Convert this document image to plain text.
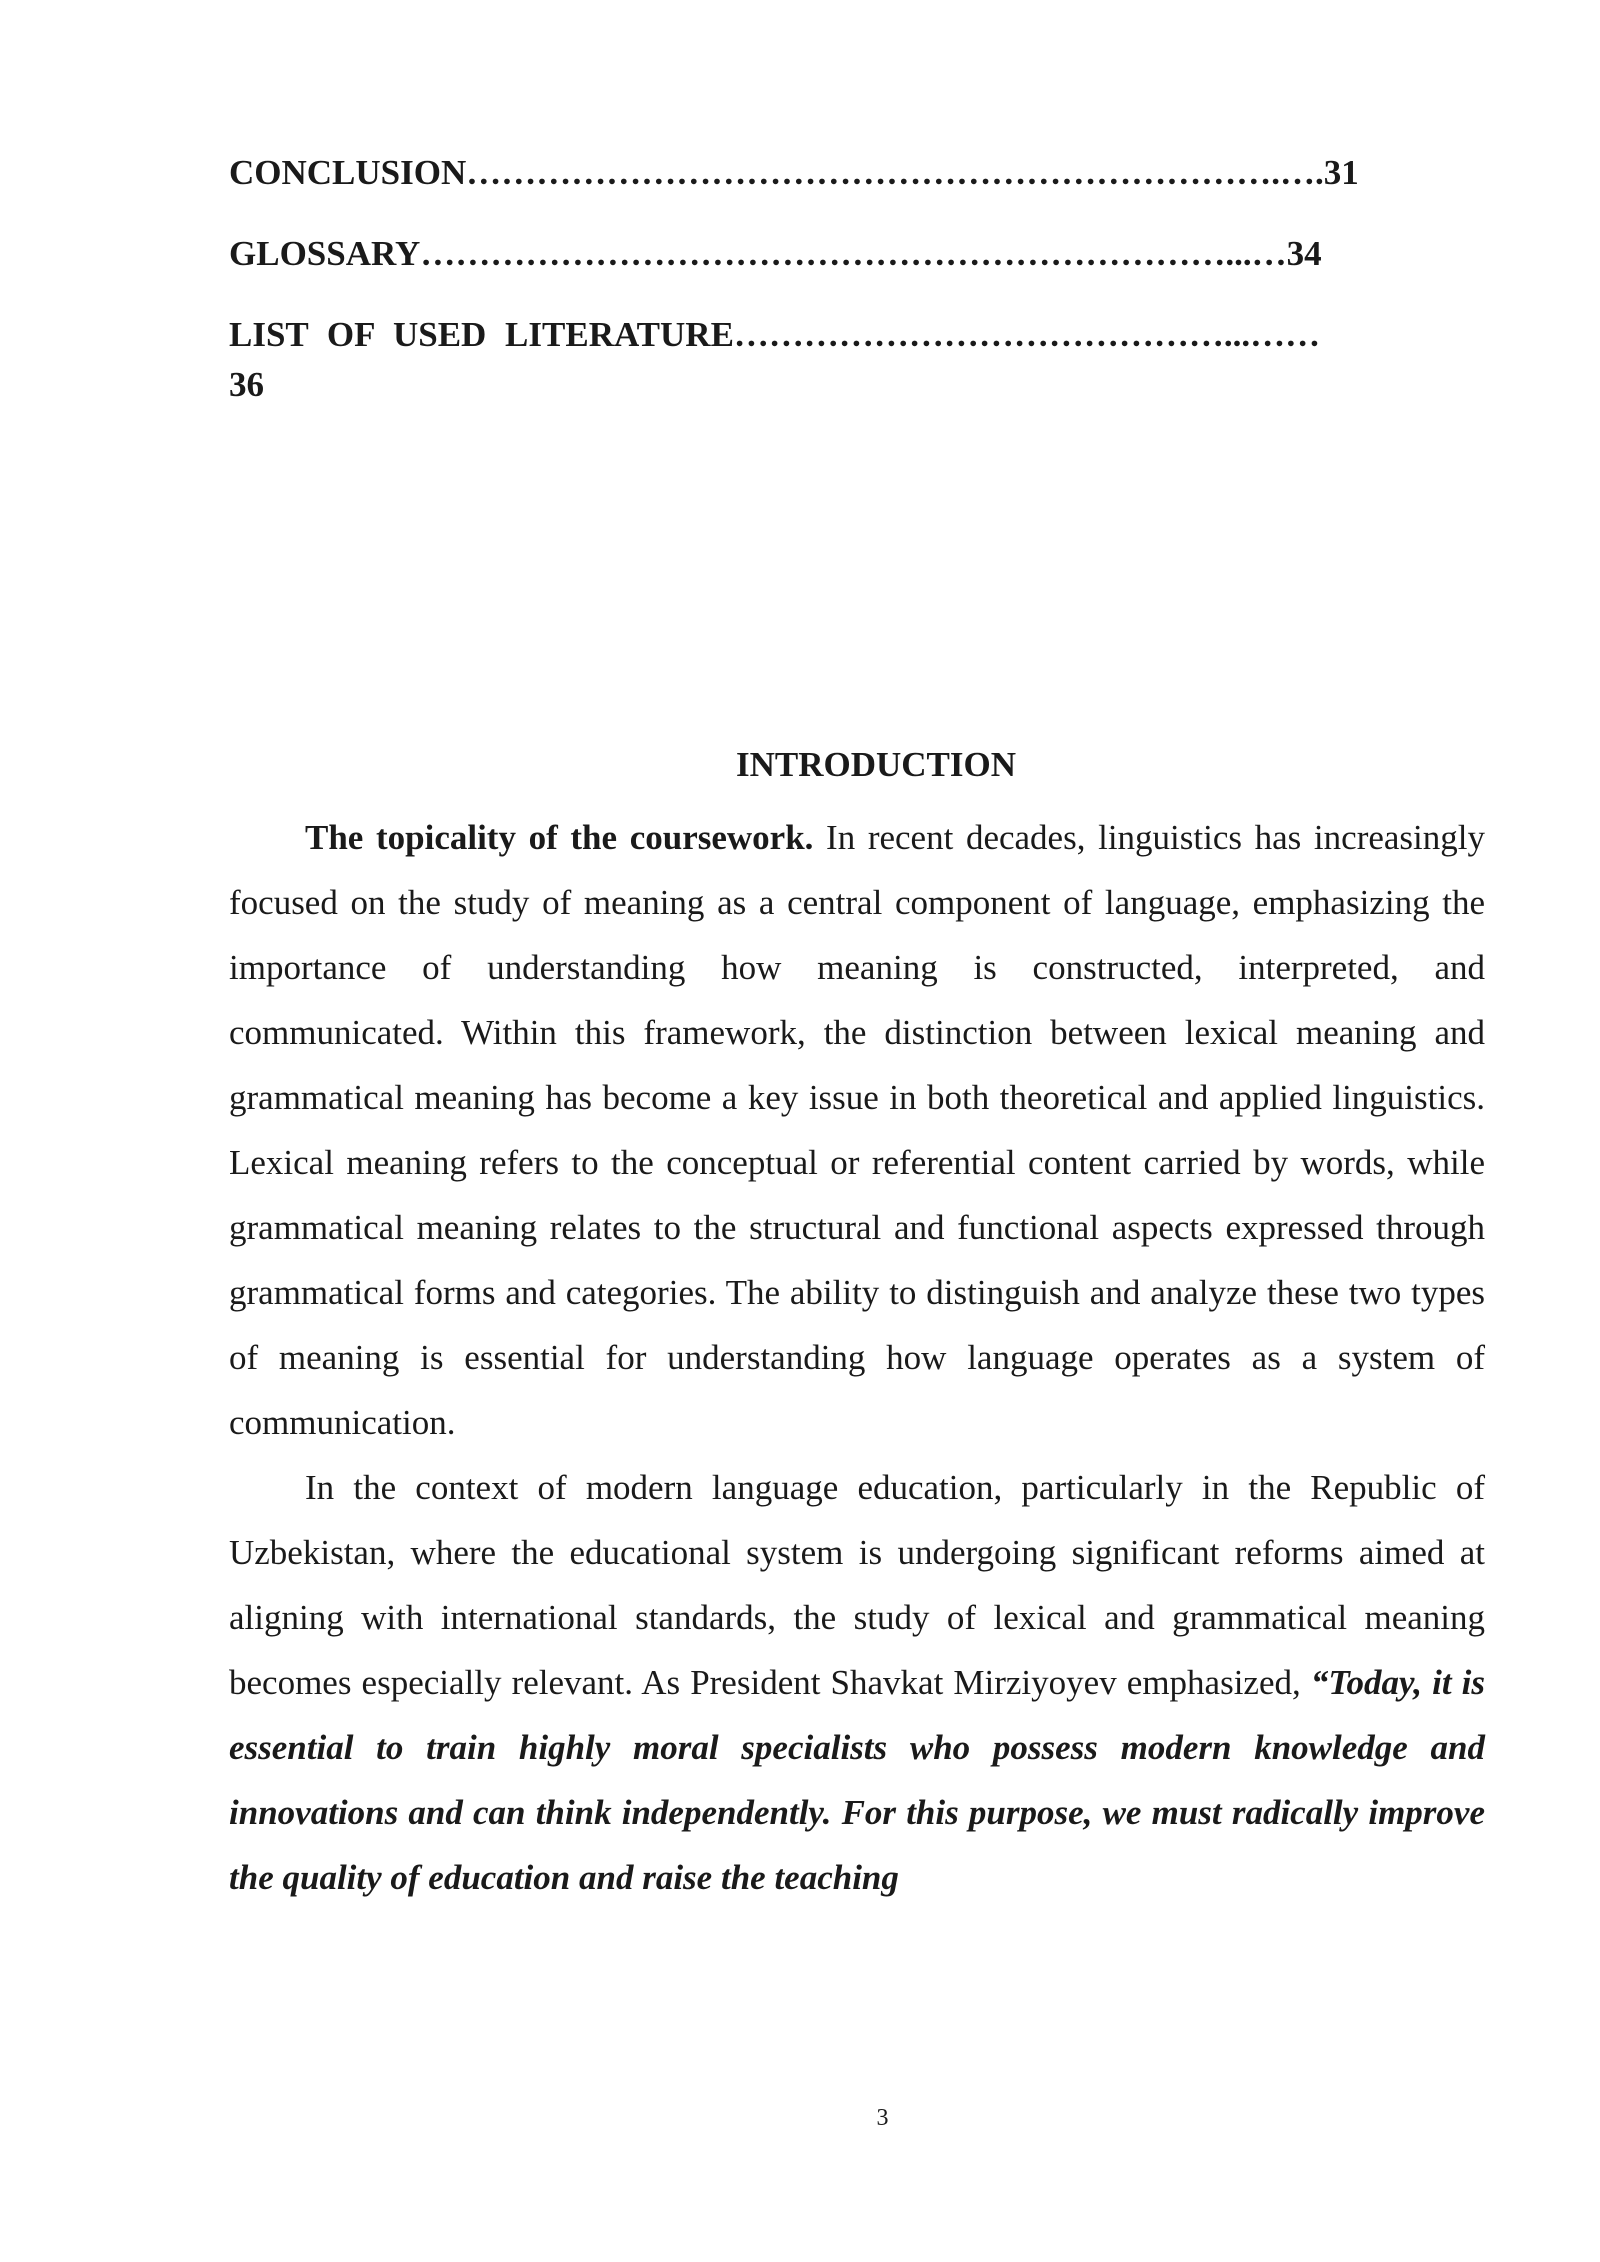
CONCLUSION…………………………………………………………….….31

GLOSSARY……………………………………………………………...…34

LIST OF USED LITERATURE……………………………………...……

36

INTRODUCTION

The topicality of the coursework. In recent decades, linguistics has increasingly focused on the study of meaning as a central component of language, emphasizing the importance of understanding how meaning is constructed, interpreted, and communicated. Within this framework, the distinction between lexical meaning and grammatical meaning has become a key issue in both theoretical and applied linguistics. Lexical meaning refers to the conceptual or referential content carried by words, while grammatical meaning relates to the structural and functional aspects expressed through grammatical forms and categories. The ability to distinguish and analyze these two types of meaning is essential for understanding how language operates as a system of communication.

In the context of modern language education, particularly in the Republic of Uzbekistan, where the educational system is undergoing significant reforms aimed at aligning with international standards, the study of lexical and grammatical meaning becomes especially relevant. As President Shavkat Mirziyoyev emphasized, “Today, it is essential to train highly moral specialists who possess modern knowledge and innovations and can think independently. For this purpose, we must radically improve the quality of education and raise the teaching

3
